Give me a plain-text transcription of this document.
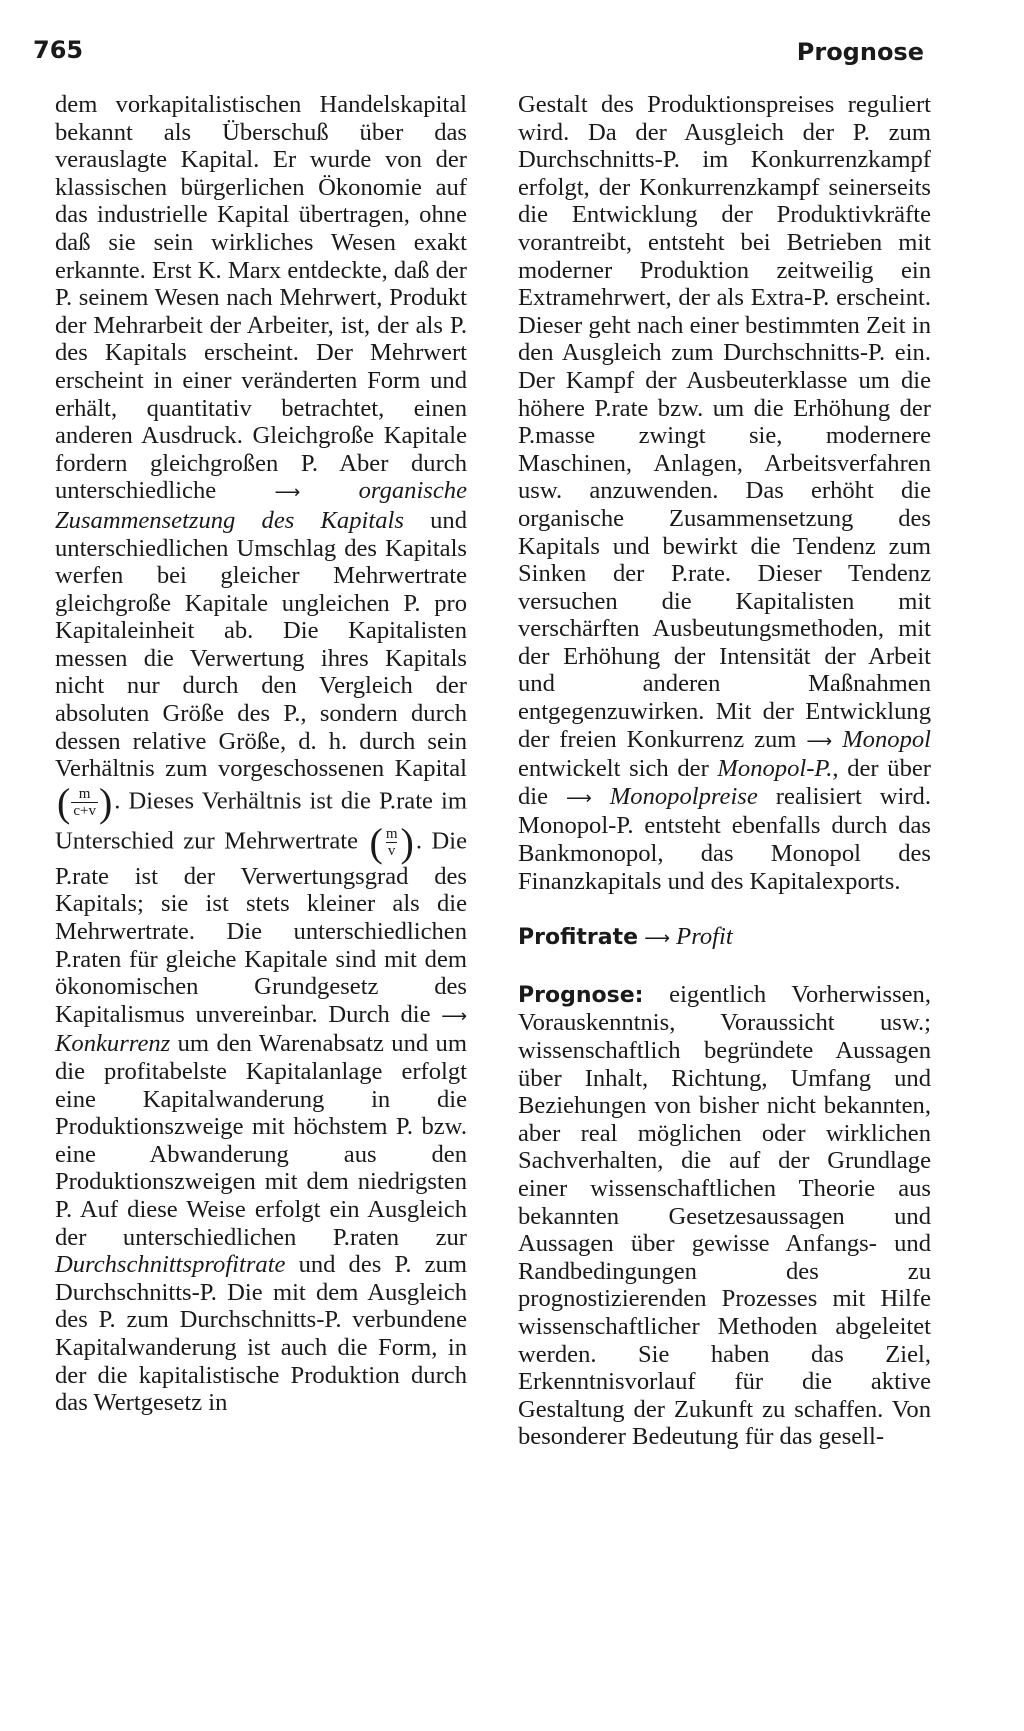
765	Prognose

dem vorkapitalistischen Handelskapital bekannt als Überschuß über das verauslagte Kapital. Er wurde von der klassischen bürgerlichen Ökonomie auf das industrielle Kapital übertragen, ohne daß sie sein wirkliches Wesen exakt erkannte. Erst K. Marx entdeckte, daß der P. seinem Wesen nach Mehrwert, Produkt der Mehrarbeit der Arbeiter, ist, der als P. des Kapitals erscheint. Der Mehrwert erscheint in einer veränderten Form und erhält, quantitativ betrachtet, einen anderen Ausdruck. Gleichgroße Kapitale fordern gleichgroßen P. Aber durch unterschiedliche	⟶ organische Zusammensetzung des Kapitals und unterschiedlichen Umschlag des Kapitals werfen bei gleicher Mehrwertrate gleichgroße Kapitale ungleichen P. pro Kapitaleinheit ab. Die Kapitalisten messen die Verwertung ihres Kapitals nicht nur durch den Vergleich der absoluten Größe des P., sondern durch dessen relative Größe, d. h. durch sein Verhältnis zum vorgeschossenen Kapital
( $\frac{m}{c+v}$ ) . Dieses Verhältnis ist die P.rate im Unterschied zur Mehrwertrate ( $\frac{m}{v}$ ) . Die P.rate ist der Verwertungsgrad des Kapitals; sie ist stets kleiner als die Mehrwertrate. Die unterschiedlichen P.raten für gleiche Kapitale sind mit dem ökonomischen Grundgesetz des Kapitalismus unvereinbar. Durch die ⟶ Konkurrenz um den Warenabsatz und um die profitabelste Kapitalanlage erfolgt eine Kapitalwanderung in die Produktionszweige mit höchstem P. bzw. eine Abwanderung aus den Produktionszweigen mit dem niedrigsten P. Auf diese Weise erfolgt ein Ausgleich der unterschiedlichen P.raten zur Durchschnittsprofitrate und des P. zum Durchschnitts-P. Die mit dem Ausgleich des P. zum Durchschnitts-P. verbundene Kapitalwanderung ist auch die Form, in der die kapitalistische Produktion durch das Wertgesetz in

Gestalt des Produktionspreises reguliert wird. Da der Ausgleich der P. zum Durchschnitts-P. im Konkurrenzkampf erfolgt, der Konkurrenzkampf seinerseits die Entwicklung der Produktivkräfte vorantreibt, entsteht bei Betrieben mit moderner Produktion zeitweilig ein Extramehrwert, der als Extra-P. erscheint. Dieser geht nach einer bestimmten Zeit in den Ausgleich zum Durchschnitts-P. ein. Der Kampf der Ausbeuterklasse um die höhere P.rate bzw. um die Erhöhung der P.masse zwingt sie, modernere Maschinen, Anlagen, Arbeitsverfahren usw. anzuwenden. Das erhöht die organische Zusammensetzung des Kapitals und bewirkt die Tendenz zum Sinken der P.rate. Dieser Tendenz versuchen die Kapitalisten mit verschärften Ausbeutungsmethoden, mit der Erhöhung der Intensität der Arbeit und anderen Maßnahmen entgegenzuwirken. Mit der Entwicklung der freien Konkurrenz zum ⟶ Monopol entwickelt sich der Monopol-P., der über die ⟶ Monopolpreise realisiert wird. Monopol-P. entsteht ebenfalls durch das Bankmonopol, das Monopol des Finanzkapitals und des Kapitalexports.

Profitrate ⟶ Profit

Prognose: eigentlich Vorherwissen, Vorauskenntnis, Voraussicht usw.; wissenschaftlich begründete Aussagen über Inhalt, Richtung, Umfang und Beziehungen von bisher nicht bekannten, aber real möglichen oder wirklichen Sachverhalten, die auf der Grundlage einer wissenschaftlichen Theorie aus bekannten Gesetzesaussagen und Aussagen über gewisse Anfangs- und Randbedingungen des zu prognostizierenden Prozesses mit Hilfe wissenschaftlicher Methoden abgeleitet werden. Sie haben das Ziel, Erkenntnisvorlauf für die aktive Gestaltung der Zukunft zu schaffen. Von besonderer Bedeutung für das gesell-
